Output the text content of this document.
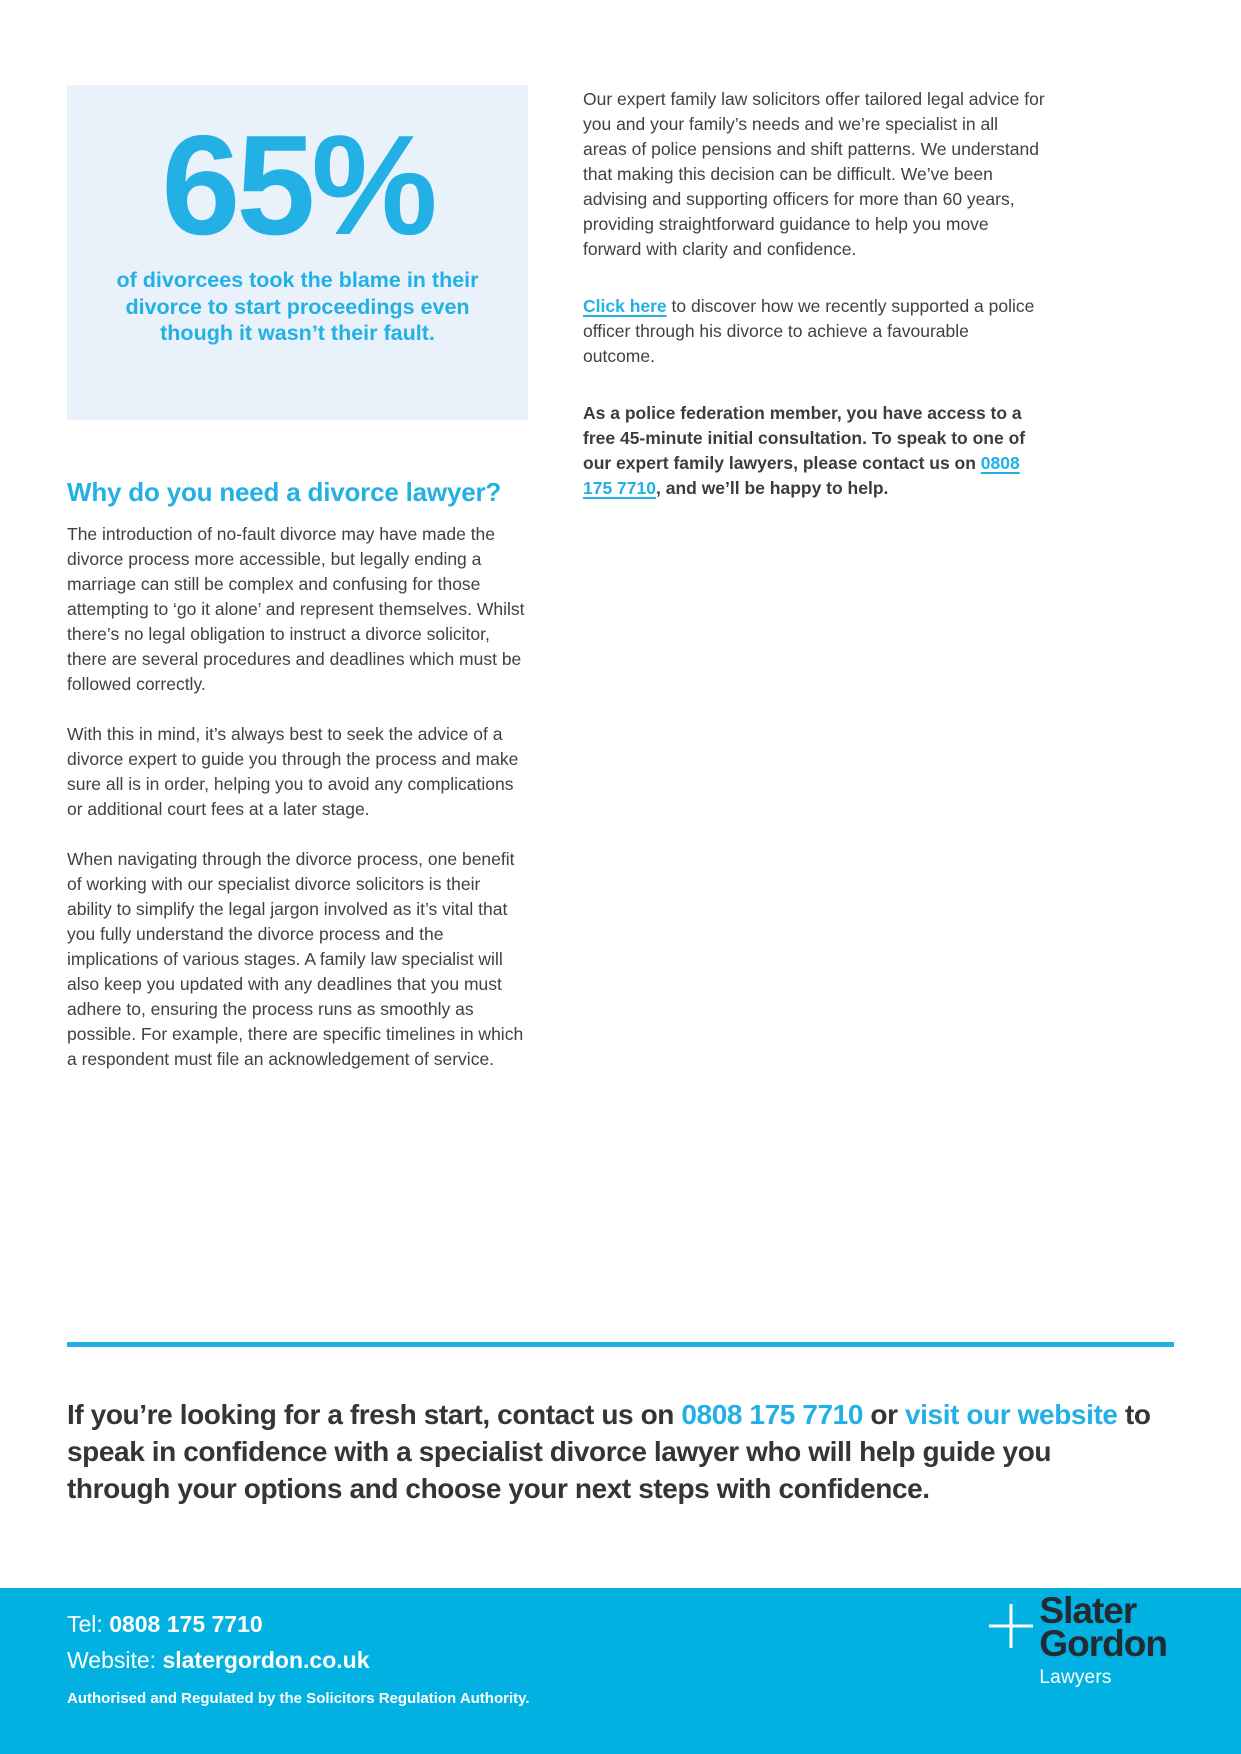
65%
of divorcees took the blame in their divorce to start proceedings even though it wasn’t their fault.
Why do you need a divorce lawyer?

The introduction of no-fault divorce may have made the divorce process more accessible, but legally ending a marriage can still be complex and confusing for those attempting to ‘go it alone’ and represent themselves. Whilst there’s no legal obligation to instruct a divorce solicitor, there are several procedures and deadlines which must be followed correctly.

With this in mind, it’s always best to seek the advice of a divorce expert to guide you through the process and make sure all is in order, helping you to avoid any complications or additional court fees at a later stage.

When navigating through the divorce process, one benefit of working with our specialist divorce solicitors is their ability to simplify the legal jargon involved as it’s vital that you fully understand the divorce process and the implications of various stages. A family law specialist will also keep you updated with any deadlines that you must adhere to, ensuring the process runs as smoothly as possible. For example, there are specific timelines in which a respondent must file an acknowledgement of service.

Our expert family law solicitors offer tailored legal advice for you and your family’s needs and we’re specialist in all areas of police pensions and shift patterns. We understand that making this decision can be difficult. We’ve been advising and supporting officers for more than 60 years, providing straightforward guidance to help you move forward with clarity and confidence.

Click here to discover how we recently supported a police officer through his divorce to achieve a favourable outcome.

As a police federation member, you have access to a free 45-minute initial consultation. To speak to one of our expert family lawyers, please contact us on 0808 175 7710, and we’ll be happy to help.

If you’re looking for a fresh start, contact us on 0808 175 7710 or visit our website to speak in confidence with a specialist divorce lawyer who will help guide you through your options and choose your next steps with confidence.
Tel: 0808 175 7710
Website: slatergordon.co.uk
Authorised and Regulated by the Solicitors Regulation Authority.
Slater
Gordon
Lawyers
